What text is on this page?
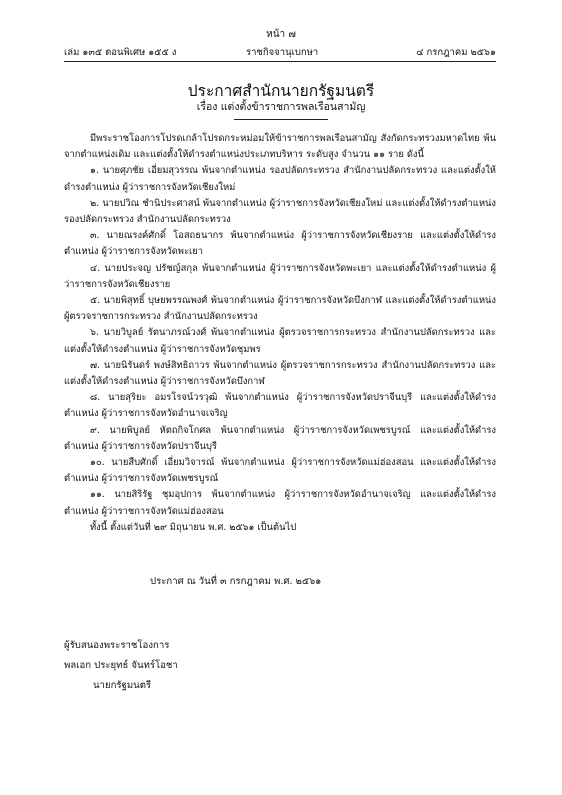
หน้า ๗
เล่ม ๑๓๕ ตอนพิเศษ ๑๕๕ ง	ราชกิจจานุเบกษา	๔ กรกฎาคม ๒๕๖๑
ประกาศสำนักนายกรัฐมนตรี
เรื่อง แต่งตั้งข้าราชการพลเรือนสามัญ

มีพระราชโองการโปรดเกล้าโปรดกระหม่อมให้ข้าราชการพลเรือนสามัญ สังกัดกระทรวงมหาดไทย พ้นจากตำแหน่งเดิม และแต่งตั้งให้ดำรงตำแหน่งประเภทบริหาร ระดับสูง จำนวน ๑๑ ราย ดังนี้

๑. นายศุภชัย เอี่ยมสุวรรณ พ้นจากตำแหน่ง รองปลัดกระทรวง สำนักงานปลัดกระทรวง และแต่งตั้งให้ดำรงตำแหน่ง ผู้ว่าราชการจังหวัดเชียงใหม่

๒. นายปวิณ ชำนิประศาสน์ พ้นจากตำแหน่ง ผู้ว่าราชการจังหวัดเชียงใหม่ และแต่งตั้งให้ดำรงตำแหน่ง รองปลัดกระทรวง สำนักงานปลัดกระทรวง

๓. นายณรงค์ศักดิ์ โอสถธนากร พ้นจากตำแหน่ง ผู้ว่าราชการจังหวัดเชียงราย และแต่งตั้งให้ดำรงตำแหน่ง ผู้ว่าราชการจังหวัดพะเยา

๔. นายประจญ ปรัชญ์สกุล พ้นจากตำแหน่ง ผู้ว่าราชการจังหวัดพะเยา และแต่งตั้งให้ดำรงตำแหน่ง ผู้ว่าราชการจังหวัดเชียงราย

๕. นายพิสุทธิ์ บุษยพรรณพงศ์ พ้นจากตำแหน่ง ผู้ว่าราชการจังหวัดบึงกาฬ และแต่งตั้งให้ดำรงตำแหน่ง ผู้ตรวจราชการกระทรวง สำนักงานปลัดกระทรวง

๖. นายวิบูลย์ รัตนาภรณ์วงศ์ พ้นจากตำแหน่ง ผู้ตรวจราชการกระทรวง สำนักงานปลัดกระทรวง และแต่งตั้งให้ดำรงตำแหน่ง ผู้ว่าราชการจังหวัดชุมพร

๗. นายนิรันดร์ พงษ์สิทธิถาวร พ้นจากตำแหน่ง ผู้ตรวจราชการกระทรวง สำนักงานปลัดกระทรวง และแต่งตั้งให้ดำรงตำแหน่ง ผู้ว่าราชการจังหวัดบึงกาฬ

๘. นายสุริยะ อมรโรจน์วรวุฒิ พ้นจากตำแหน่ง ผู้ว่าราชการจังหวัดปราจีนบุรี และแต่งตั้งให้ดำรงตำแหน่ง ผู้ว่าราชการจังหวัดอำนาจเจริญ

๙. นายพิบูลย์ หัตถกิจโกศล พ้นจากตำแหน่ง ผู้ว่าราชการจังหวัดเพชรบูรณ์ และแต่งตั้งให้ดำรงตำแหน่ง ผู้ว่าราชการจังหวัดปราจีนบุรี

๑๐. นายสืบศักดิ์ เอี่ยมวิจารณ์ พ้นจากตำแหน่ง ผู้ว่าราชการจังหวัดแม่ฮ่องสอน และแต่งตั้งให้ดำรงตำแหน่ง ผู้ว่าราชการจังหวัดเพชรบูรณ์

๑๑. นายสิริรัฐ ชุมอุปการ พ้นจากตำแหน่ง ผู้ว่าราชการจังหวัดอำนาจเจริญ และแต่งตั้งให้ดำรงตำแหน่ง ผู้ว่าราชการจังหวัดแม่ฮ่องสอน

ทั้งนี้ ตั้งแต่วันที่ ๒๙ มิถุนายน พ.ศ. ๒๕๖๑ เป็นต้นไป

ประกาศ ณ วันที่ ๓ กรกฎาคม พ.ศ. ๒๕๖๑
ผู้รับสนองพระราชโองการ
พลเอก ประยุทธ์ จันทร์โอชา
นายกรัฐมนตรี
